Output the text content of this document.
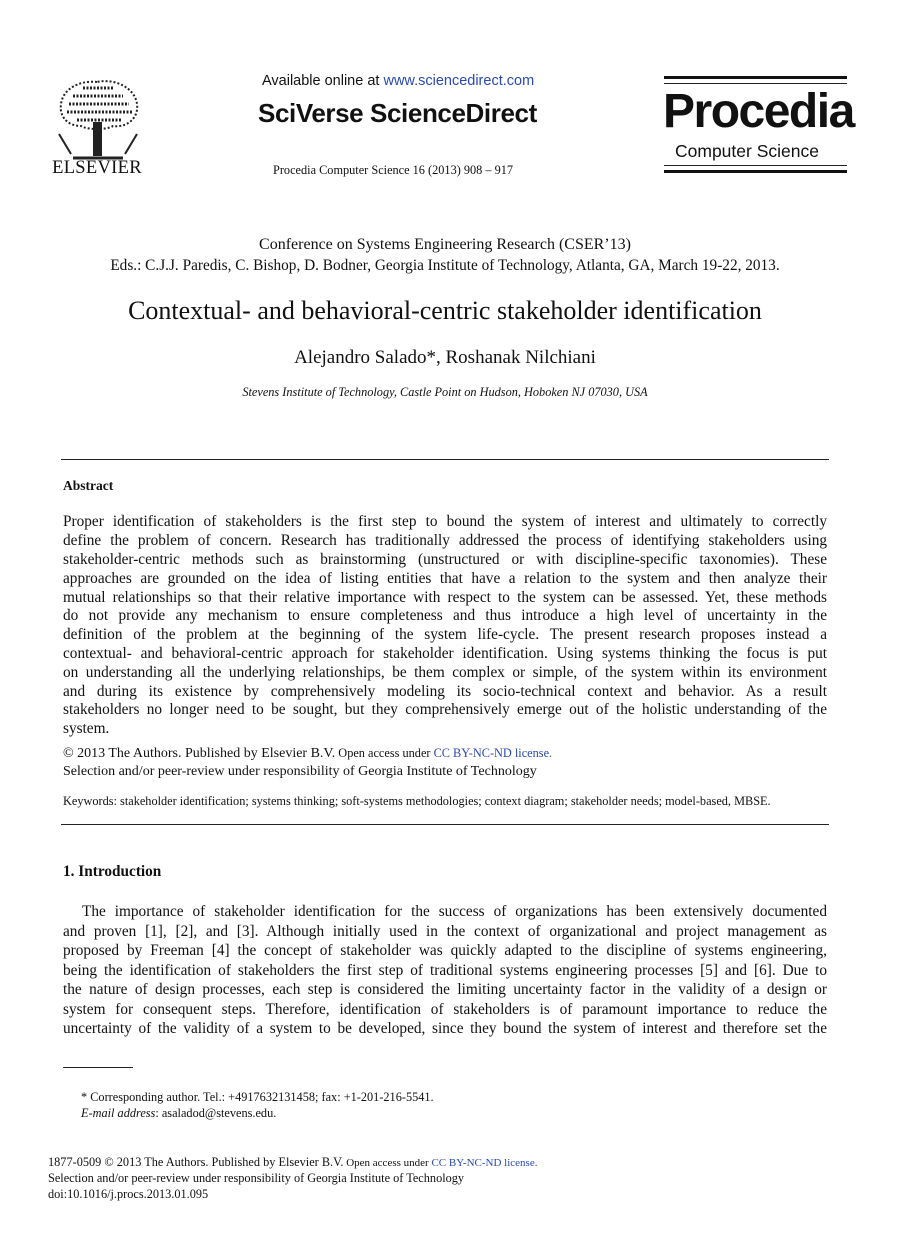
ELSEVIER
Available online at www.sciencedirect.com
SciVerse ScienceDirect
Procedia Computer Science 16 (2013) 908 – 917
Procedia
Computer Science
Conference on Systems Engineering Research (CSER’13)
Eds.: C.J.J. Paredis, C. Bishop, D. Bodner, Georgia Institute of Technology, Atlanta, GA, March 19-22, 2013.
Contextual- and behavioral-centric stakeholder identification
Alejandro Salado*, Roshanak Nilchiani
Stevens Institute of Technology, Castle Point on Hudson, Hoboken NJ 07030, USA
Abstract
Proper identification of stakeholders is the first step to bound the system of interest and ultimately to correctly
define the problem of concern. Research has traditionally addressed the process of identifying stakeholders using
stakeholder-centric methods such as brainstorming (unstructured or with discipline-specific taxonomies). These
approaches are grounded on the idea of listing entities that have a relation to the system and then analyze their
mutual relationships so that their relative importance with respect to the system can be assessed. Yet, these methods
do not provide any mechanism to ensure completeness and thus introduce a high level of uncertainty in the
definition of the problem at the beginning of the system life-cycle. The present research proposes instead a
contextual- and behavioral-centric approach for stakeholder identification. Using systems thinking the focus is put
on understanding all the underlying relationships, be them complex or simple, of the system within its environment
and during its existence by comprehensively modeling its socio-technical context and behavior. As a result
stakeholders no longer need to be sought, but they comprehensively emerge out of the holistic understanding of the
system.
© 2013 The Authors. Published by Elsevier B.V. Open access under CC BY-NC-ND license.
Selection and/or peer-review under responsibility of Georgia Institute of Technology
Keywords: stakeholder identification; systems thinking; soft-systems methodologies; context diagram; stakeholder needs; model-based, MBSE.
1. Introduction
The importance of stakeholder identification for the success of organizations has been extensively documented
and proven [1], [2], and [3]. Although initially used in the context of organizational and project management as
proposed by Freeman [4] the concept of stakeholder was quickly adapted to the discipline of systems engineering,
being the identification of stakeholders the first step of traditional systems engineering processes [5] and [6]. Due to
the nature of design processes, each step is considered the limiting uncertainty factor in the validity of a design or
system for consequent steps. Therefore, identification of stakeholders is of paramount importance to reduce the
uncertainty of the validity of a system to be developed, since they bound the system of interest and therefore set the
* Corresponding author. Tel.: +4917632131458; fax: +1-201-216-5541.
E-mail address: asaladod@stevens.edu.
1877-0509 © 2013 The Authors. Published by Elsevier B.V. Open access under CC BY-NC-ND license.
Selection and/or peer-review under responsibility of Georgia Institute of Technology
doi:10.1016/j.procs.2013.01.095
